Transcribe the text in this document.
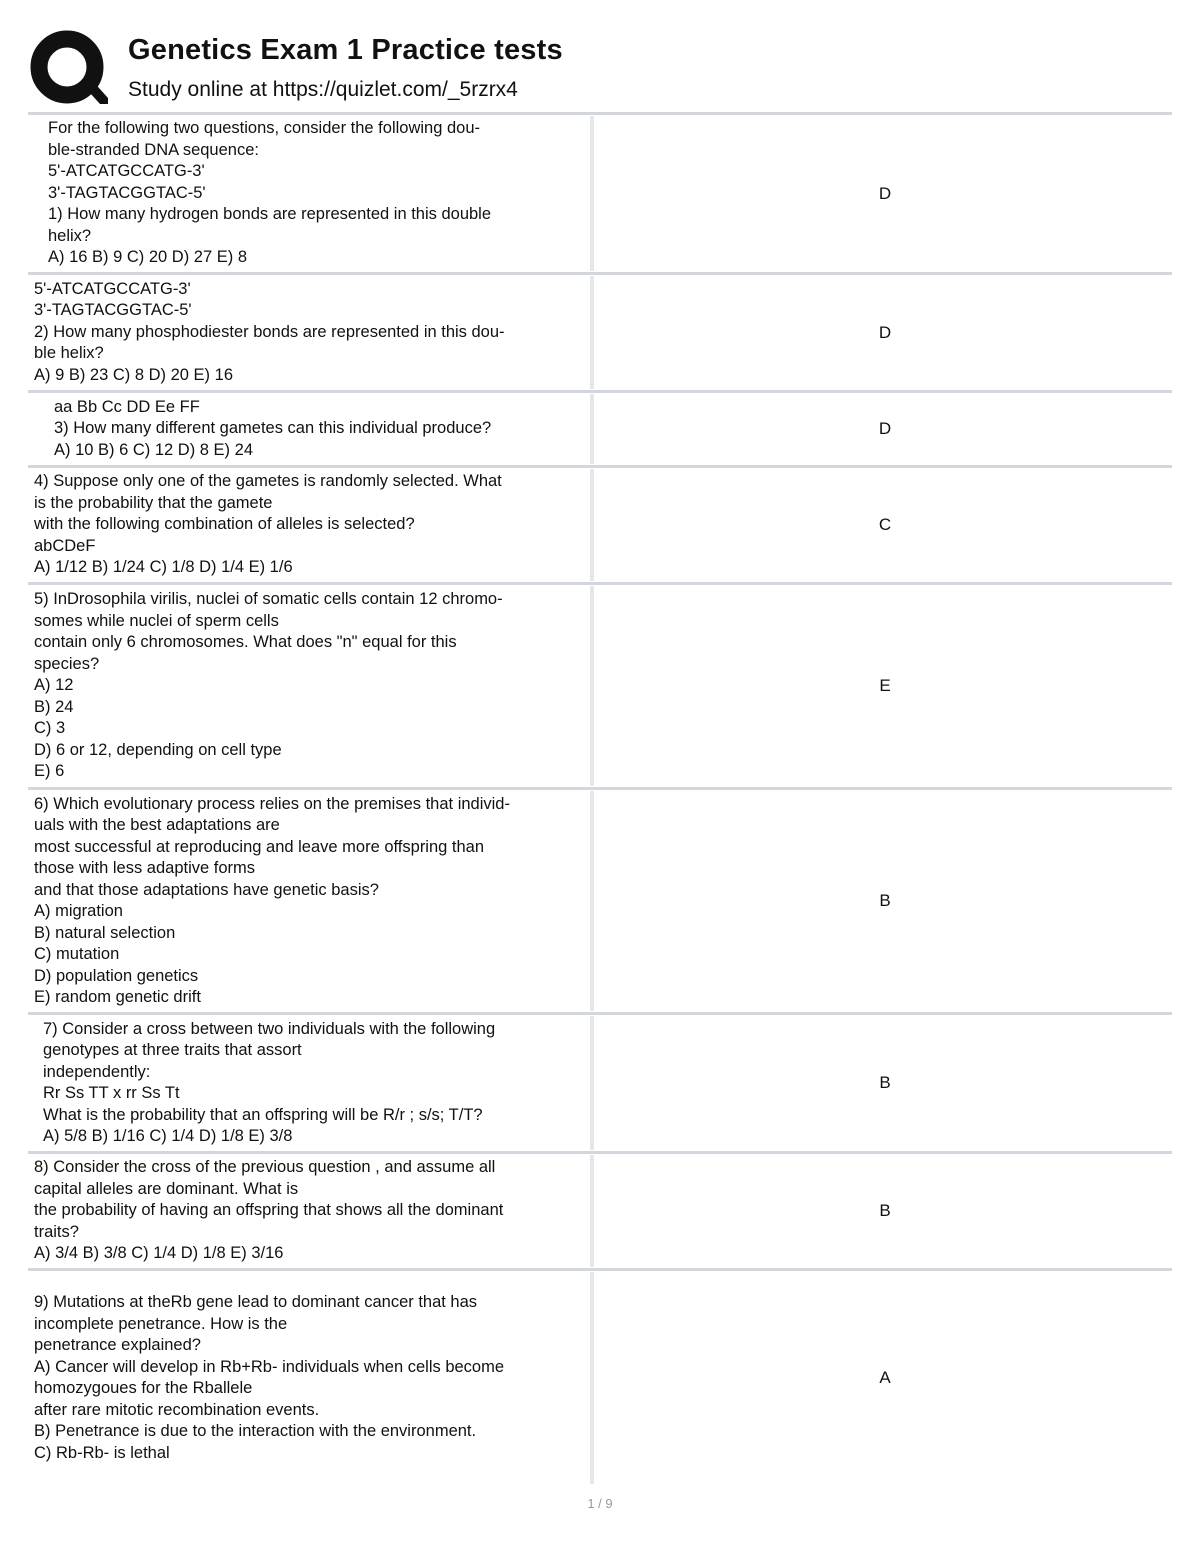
Genetics Exam 1 Practice tests
Study online at https://quizlet.com/_5rzrx4
For the following two questions, consider the following dou-
ble-stranded DNA sequence:
5'-ATCATGCCATG-3'
3'-TAGTACGGTAC-5'
1) How many hydrogen bonds are represented in this double
helix?
A) 16 B) 9 C) 20 D) 27 E) 8
D
5'-ATCATGCCATG-3'
3'-TAGTACGGTAC-5'
2) How many phosphodiester bonds are represented in this dou-
ble helix?
A) 9 B) 23 C) 8 D) 20 E) 16
D
aa Bb Cc DD Ee FF
3) How many different gametes can this individual produce?
A) 10 B) 6 C) 12 D) 8 E) 24
D
4) Suppose only one of the gametes is randomly selected. What
is the probability that the gamete
with the following combination of alleles is selected?
abCDeF
A) 1/12 B) 1/24 C) 1/8 D) 1/4 E) 1/6
C
5) InDrosophila virilis, nuclei of somatic cells contain 12 chromo-
somes while nuclei of sperm cells
contain only 6 chromosomes. What does "n" equal for this
species?
A) 12
B) 24
C) 3
D) 6 or 12, depending on cell type
E) 6
E
6) Which evolutionary process relies on the premises that individ-
uals with the best adaptations are
most successful at reproducing and leave more offspring than
those with less adaptive forms
and that those adaptations have genetic basis?
A) migration
B) natural selection
C) mutation
D) population genetics
E) random genetic drift
B
7) Consider a cross between two individuals with the following
genotypes at three traits that assort
independently:
Rr Ss TT x rr Ss Tt
What is the probability that an offspring will be R/r ; s/s; T/T?
A) 5/8 B) 1/16 C) 1/4 D) 1/8 E) 3/8
B
8) Consider the cross of the previous question , and assume all
capital alleles are dominant. What is
the probability of having an offspring that shows all the dominant
traits?
A) 3/4 B) 3/8 C) 1/4 D) 1/8 E) 3/16
B
9) Mutations at theRb gene lead to dominant cancer that has
incomplete penetrance. How is the
penetrance explained?
A) Cancer will develop in Rb+Rb- individuals when cells become
homozygoues for the Rballele
after rare mitotic recombination events.
B) Penetrance is due to the interaction with the environment.
C) Rb-Rb- is lethal
A
1 / 9
